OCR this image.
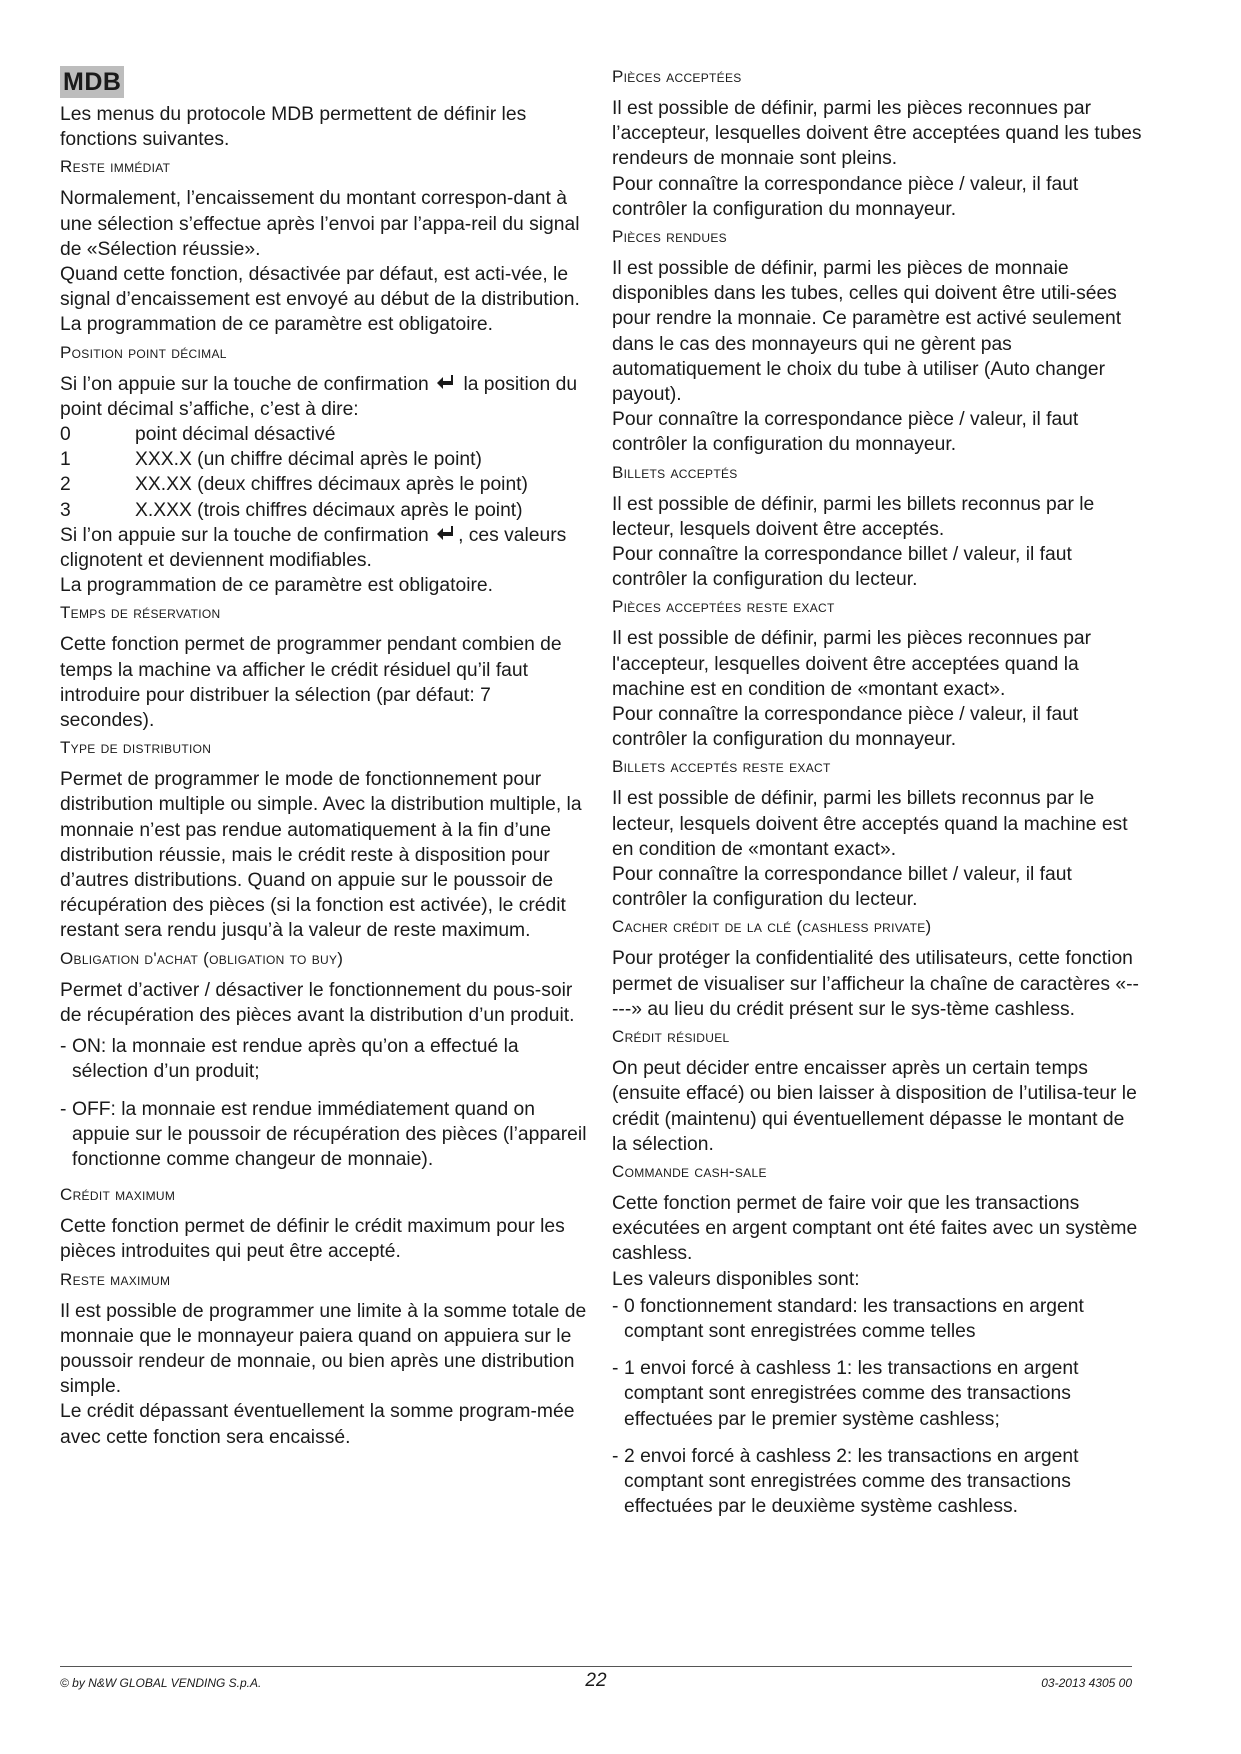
MDB

Les menus du protocole MDB permettent de définir les fonctions suivantes.

Reste immédiat

Normalement, l’encaissement du montant correspon-dant à une sélection s’effectue après l’envoi par l’appa-reil du signal de «Sélection réussie».

Quand cette fonction, désactivée par défaut, est acti-vée, le signal d’encaissement est envoyé au début de la distribution.

La programmation de ce paramètre est obligatoire.

Position point décimal

Si l’on appuie sur la touche de confirmation la position du point décimal s’affiche, c’est à dire:

0	point décimal désactivé
1	XXX.X (un chiffre décimal après le point)
2	XX.XX (deux chiffres décimaux après le point)
3	X.XXX (trois chiffres décimaux après le point)

Si l’on appuie sur la touche de confirmation , ces valeurs clignotent et deviennent modifiables.

La programmation de ce paramètre est obligatoire.

Temps de réservation

Cette fonction permet de programmer pendant combien de temps la machine va afficher le crédit résiduel qu’il faut introduire pour distribuer la sélection (par défaut: 7 secondes).

Type de distribution

Permet de programmer le mode de fonctionnement pour distribution multiple ou simple. Avec la distribution multiple, la monnaie n’est pas rendue automatiquement à la fin d’une distribution réussie, mais le crédit reste à disposition pour d’autres distributions. Quand on appuie sur le poussoir de récupération des pièces (si la fonction est activée), le crédit restant sera rendu jusqu’à la valeur de reste maximum.

Obligation d'achat (obligation to buy)

Permet d’activer / désactiver le fonctionnement du pous-soir de récupération des pièces avant la distribution d’un produit.

- ON: la monnaie est rendue après qu’on a effectué la sélection d’un produit;
- OFF: la monnaie est rendue immédiatement quand on appuie sur le poussoir de récupération des pièces (l’appareil fonctionne comme changeur de monnaie).
Crédit maximum

Cette fonction permet de définir le crédit maximum pour les pièces introduites qui peut être accepté.

Reste maximum

Il est possible de programmer une limite à la somme totale de monnaie que le monnayeur paiera quand on appuiera sur le poussoir rendeur de monnaie, ou bien après une distribution simple.

Le crédit dépassant éventuellement la somme program-mée avec cette fonction sera encaissé.

Pièces acceptées

Il est possible de définir, parmi les pièces reconnues par l’accepteur, lesquelles doivent être acceptées quand les tubes rendeurs de monnaie sont pleins.

Pour connaître la correspondance pièce / valeur, il faut contrôler la configuration du monnayeur.

Pièces rendues

Il est possible de définir, parmi les pièces de monnaie disponibles dans les tubes, celles qui doivent être utili-sées pour rendre la monnaie. Ce paramètre est activé seulement dans le cas des monnayeurs qui ne gèrent pas automatiquement le choix du tube à utiliser (Auto changer payout).

Pour connaître la correspondance pièce / valeur, il faut contrôler la configuration du monnayeur.

Billets acceptés

Il est possible de définir, parmi les billets reconnus par le lecteur, lesquels doivent être acceptés.

Pour connaître la correspondance billet / valeur, il faut contrôler la configuration du lecteur.

Pièces acceptées reste exact

Il est possible de définir, parmi les pièces reconnues par l'accepteur, lesquelles doivent être acceptées quand la machine est en condition de «montant exact».

Pour connaître la correspondance pièce / valeur, il faut contrôler la configuration du monnayeur.

Billets acceptés reste exact

Il est possible de définir, parmi les billets reconnus par le lecteur, lesquels doivent être acceptés quand la machine est en condition de «montant exact».

Pour connaître la correspondance billet / valeur, il faut contrôler la configuration du lecteur.

Cacher crédit de la clé (cashless private)

Pour protéger la confidentialité des utilisateurs, cette fonction permet de visualiser sur l’afficheur la chaîne de caractères «-----» au lieu du crédit présent sur le sys-tème cashless.

Crédit résiduel

On peut décider entre encaisser après un certain temps (ensuite effacé) ou bien laisser à disposition de l’utilisa-teur le crédit (maintenu) qui éventuellement dépasse le montant de la sélection.

Commande cash-sale

Cette fonction permet de faire voir que les transactions exécutées en argent comptant ont été faites avec un système cashless.

Les valeurs disponibles sont:

- 0 fonctionnement standard: les transactions en argent comptant sont enregistrées comme telles
- 1 envoi forcé à cashless 1: les transactions en argent comptant sont enregistrées comme des transactions effectuées par le premier système cashless;
- 2 envoi forcé à cashless 2: les transactions en argent comptant sont enregistrées comme des transactions effectuées par le deuxième système cashless.
© by N&W GLOBAL VENDING S.p.A.	22	03-2013 4305 00
